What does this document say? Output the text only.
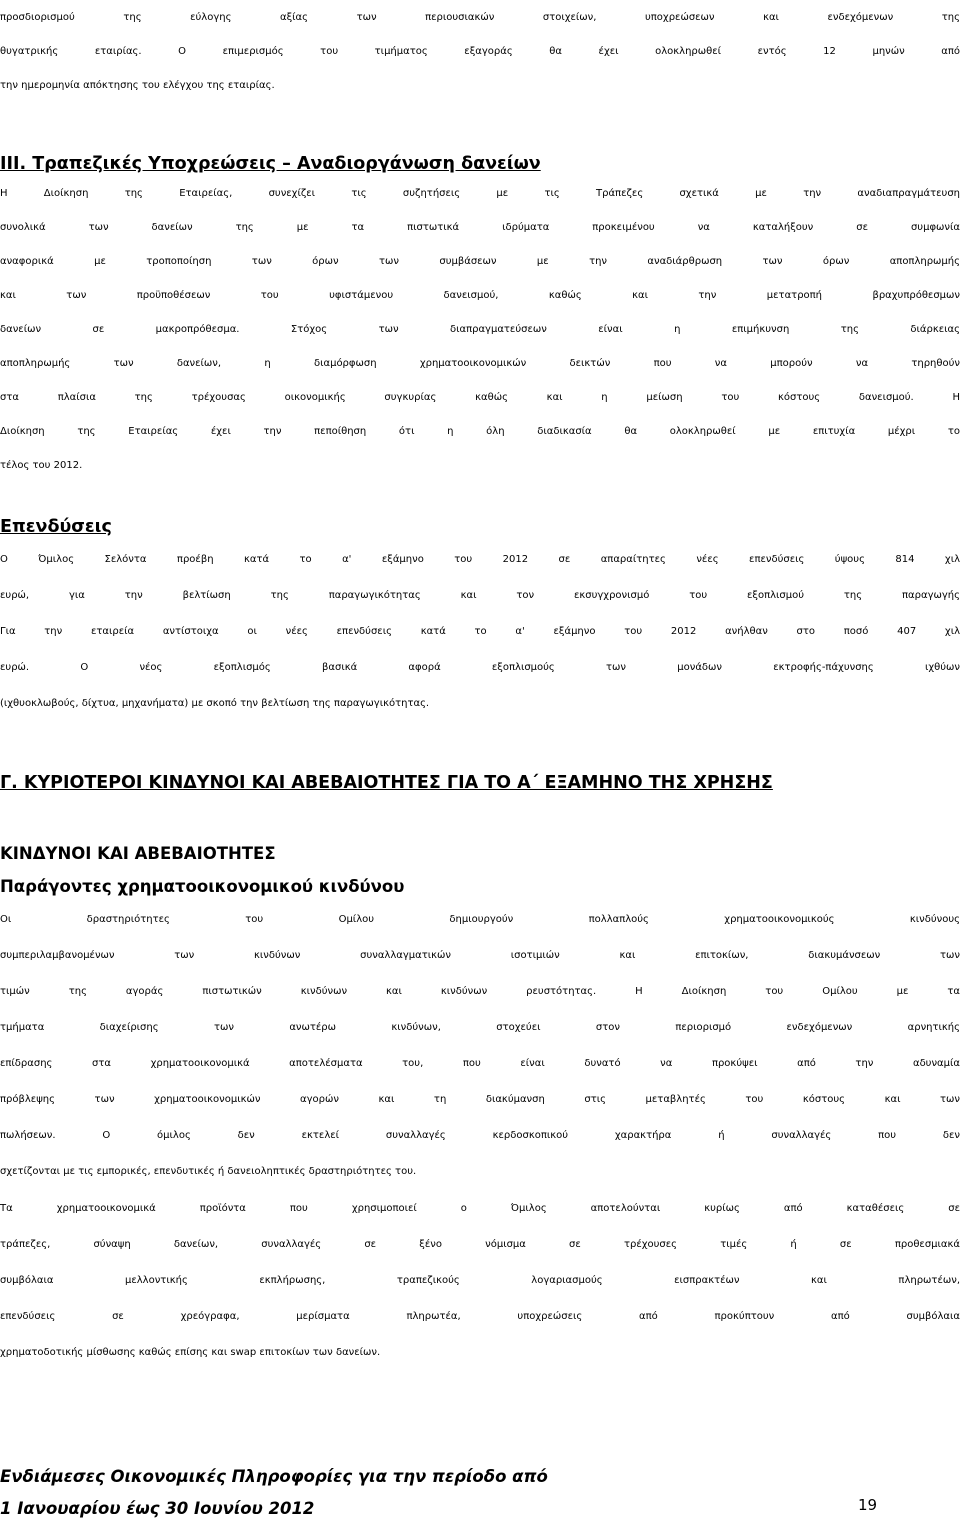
προσδιορισμού της εύλογης αξίας των περιουσιακών στοιχείων, υποχρεώσεων και ενδεχόμενων της
θυγατρικής εταιρίας. Ο επιμερισμός του τιμήματος εξαγοράς θα έχει ολοκληρωθεί εντός 12 μηνών από
την ημερομηνία απόκτησης του ελέγχου της εταιρίας.
III. Τραπεζικές Υποχρεώσεις – Αναδιοργάνωση δανείων
Η Διοίκηση της Εταιρείας, συνεχίζει τις συζητήσεις με τις Τράπεζες σχετικά με την αναδιαπραγμάτευση
συνολικά των δανείων της με τα πιστωτικά ιδρύματα προκειμένου να καταλήξουν σε συμφωνία
αναφορικά με τροποποίηση των όρων των συμβάσεων με την αναδιάρθρωση των όρων αποπληρωμής
και των προϋποθέσεων του υφιστάμενου δανεισμού, καθώς και την μετατροπή βραχυπρόθεσμων
δανείων σε μακροπρόθεσμα. Στόχος των διαπραγματεύσεων είναι η επιμήκυνση της διάρκειας
αποπληρωμής των δανείων, η διαμόρφωση χρηματοοικονομικών δεικτών που να μπορούν να τηρηθούν
στα πλαίσια της τρέχουσας οικονομικής συγκυρίας καθώς και η μείωση του κόστους δανεισμού. Η
Διοίκηση της Εταιρείας έχει την πεποίθηση ότι η όλη διαδικασία θα ολοκληρωθεί με επιτυχία μέχρι το
τέλος του 2012.
Επενδύσεις
Ο Όμιλος Σελόντα προέβη κατά το α' εξάμηνο του 2012 σε απαραίτητες νέες επενδύσεις ύψους 814 χιλ
ευρώ, για την βελτίωση της παραγωγικότητας και τον εκσυγχρονισμό του εξοπλισμού της παραγωγής
Για την εταιρεία αντίστοιχα οι νέες επενδύσεις κατά το α' εξάμηνο του 2012 ανήλθαν στο ποσό 407 χιλ
ευρώ. Ο νέος εξοπλισμός βασικά αφορά εξοπλισμούς των μονάδων εκτροφής-πάχυνσης ιχθύων
(ιχθυοκλωβούς, δίχτυα, μηχανήματα) με σκοπό την βελτίωση της παραγωγικότητας.
Γ. ΚΥΡΙΟΤΕΡΟΙ ΚΙΝΔΥΝΟΙ ΚΑΙ ΑΒΕΒΑΙΟΤΗΤΕΣ ΓΙΑ ΤΟ Α΄ ΕΞΑΜΗΝΟ ΤΗΣ ΧΡΗΣΗΣ
ΚΙΝΔΥΝΟΙ ΚΑΙ ΑΒΕΒΑΙΟΤΗΤΕΣ
Παράγοντες χρηματοοικονομικού κινδύνου
Οι δραστηριότητες του Ομίλου δημιουργούν πολλαπλούς χρηματοοικονομικούς κινδύνους
συμπεριλαμβανομένων των κινδύνων συναλλαγματικών ισοτιμιών και επιτοκίων, διακυμάνσεων των
τιμών της αγοράς πιστωτικών κινδύνων και κινδύνων ρευστότητας. Η Διοίκηση του Ομίλου με τα
τμήματα διαχείρισης των ανωτέρω κινδύνων, στοχεύει στον περιορισμό ενδεχόμενων αρνητικής
επίδρασης στα χρηματοοικονομικά αποτελέσματα του, που είναι δυνατό να προκύψει από την αδυναμία
πρόβλεψης των χρηματοοικονομικών αγορών και τη διακύμανση στις μεταβλητές του κόστους και των
πωλήσεων. Ο όμιλος δεν εκτελεί συναλλαγές κερδοσκοπικού χαρακτήρα ή συναλλαγές που δεν
σχετίζονται με τις εμπορικές, επενδυτικές ή δανειοληπτικές δραστηριότητες του.
Τα χρηματοοικονομικά προϊόντα που χρησιμοποιεί ο Όμιλος αποτελούνται κυρίως από καταθέσεις σε
τράπεζες, σύναψη δανείων, συναλλαγές σε ξένο νόμισμα σε τρέχουσες τιμές ή σε προθεσμιακά
συμβόλαια μελλοντικής εκπλήρωσης, τραπεζικούς λογαριασμούς εισπρακτέων και πληρωτέων,
επενδύσεις σε χρεόγραφα, μερίσματα πληρωτέα, υποχρεώσεις από προκύπτουν από συμβόλαια
χρηματοδοτικής μίσθωσης καθώς επίσης και swap επιτοκίων των δανείων.
Ενδιάμεσες Οικονομικές Πληροφορίες για την περίοδο από
1 Ιανουαρίου έως 30 Ιουνίου 2012	19
